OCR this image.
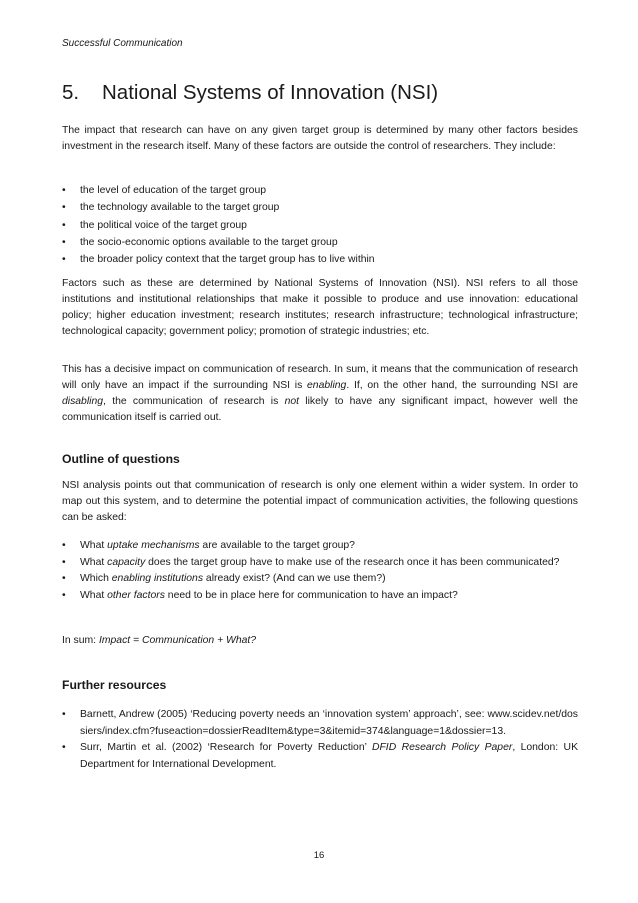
Successful Communication
5. National Systems of Innovation (NSI)

The impact that research can have on any given target group is determined by many other factors besides investment in the research itself. Many of these factors are outside the control of researchers. They include:

• the level of education of the target group
• the technology available to the target group
• the political voice of the target group
• the socio-economic options available to the target group
• the broader policy context that the target group has to live within

Factors such as these are determined by National Systems of Innovation (NSI). NSI refers to all those institutions and institutional relationships that make it possible to produce and use innovation: educational policy; higher education investment; research institutes; research infrastructure; technological infrastructure; technological capacity; government policy; promotion of strategic industries; etc.

This has a decisive impact on communication of research. In sum, it means that the communication of research will only have an impact if the surrounding NSI is enabling. If, on the other hand, the surrounding NSI are disabling, the communication of research is not likely to have any significant impact, however well the communication itself is carried out.

Outline of questions

NSI analysis points out that communication of research is only one element within a wider system. In order to map out this system, and to determine the potential impact of communication activities, the following questions can be asked:

• What uptake mechanisms are available to the target group?
• What capacity does the target group have to make use of the research once it has been communicated?
• Which enabling institutions already exist? (And can we use them?)
• What other factors need to be in place here for communication to have an impact?

In sum: Impact = Communication + What?

Further resources
• Barnett, Andrew (2005) ‘Reducing poverty needs an ‘innovation system’ approach’, see: www.scidev.net/dossiers/index.cfm?fuseaction=dossierReadItem&type=3&itemid=374&language=1&dossier=13.
• Surr, Martin et al. (2002) ‘Research for Poverty Reduction’ DFID Research Policy Paper, London: UK Department for International Development.
16
